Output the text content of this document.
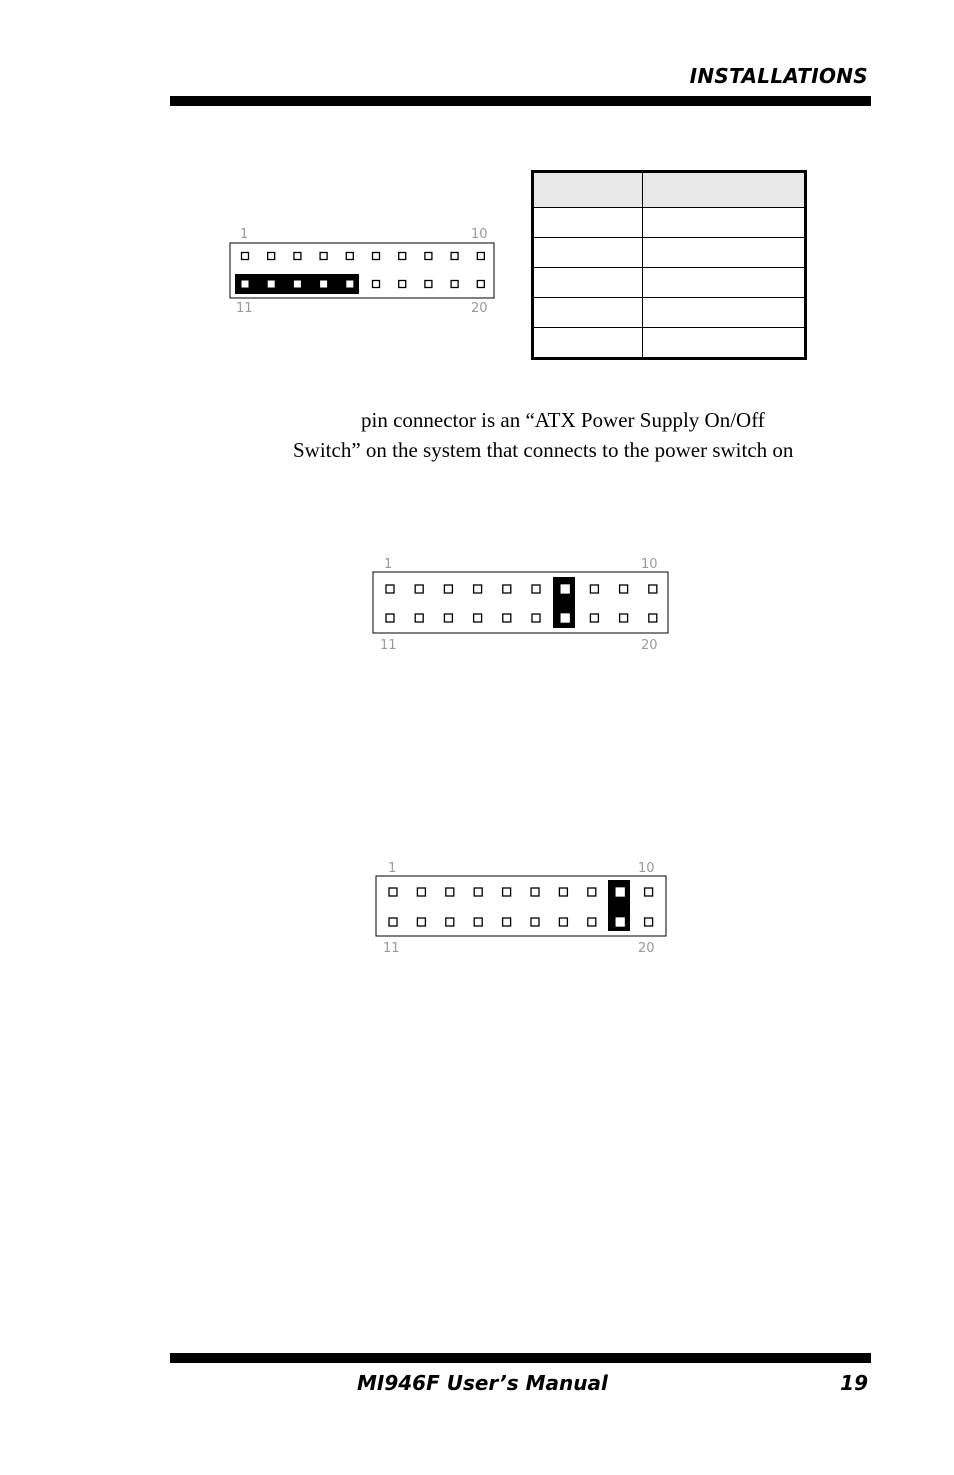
INSTALLATIONS
1	10
11	20

pin connector is an “ATX Power Supply On/Off
Switch” on the system that connects to the power switch on
1	10
11	20
1	10
11	20
MI946F User’s Manual	19
